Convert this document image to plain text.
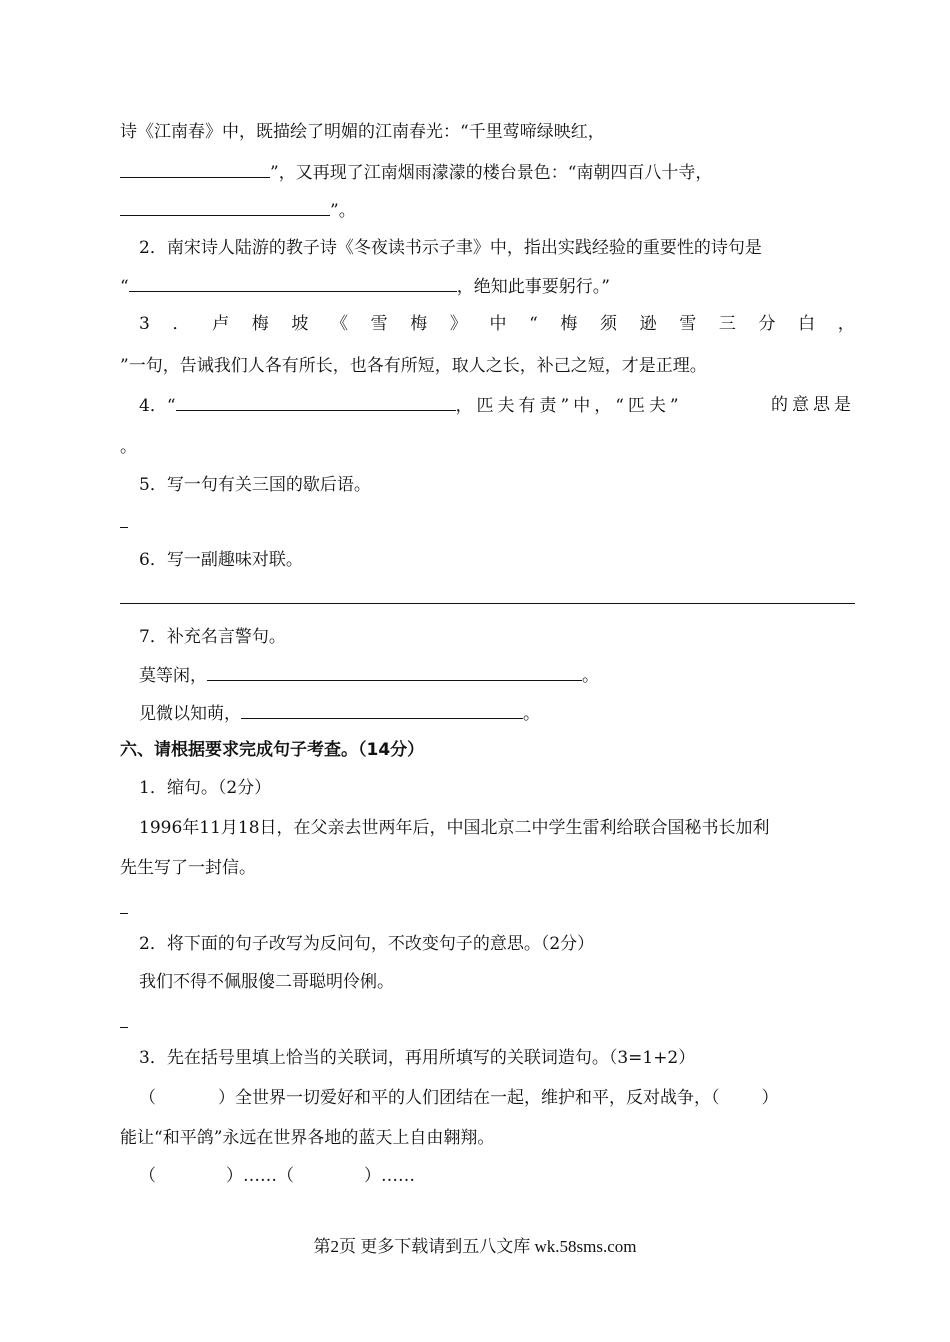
诗《江南春》中，既描绘了明媚的江南春光：“千里莺啼绿映红，
”，又再现了江南烟雨濛濛的楼台景色：“南朝四百八十寺，
”。
2．南宋诗人陆游的教子诗《冬夜读书示子聿》中，指出实践经验的重要性的诗句是
“	，绝知此事要躬行。”
3 ． 卢 梅 坡 《 雪 梅 》 中 “ 梅 须 逊 雪 三 分 白 ，
”一句，告诫我们人各有所长，也各有所短，取人之长，补己之短，才是正理。
4．“	，匹夫有责”中，“匹夫”	的意思是
。
5．写一句有关三国的歇后语。
6．写一副趣味对联。
7．补充名言警句。
莫等闲，	。
见微以知萌，	。
六、请根据要求完成句子考查。（14分）
1．缩句。（2分）
1996年11月18日，在父亲去世两年后，中国北京二中学生雷利给联合国秘书长加利
先生写了一封信。
2．将下面的句子改写为反问句，不改变句子的意思。（2分）
我们不得不佩服傻二哥聪明伶俐。
3．先在括号里填上恰当的关联词，再用所填写的关联词造句。（3=1+2）
（	）全世界一切爱好和平的人们团结在一起，维护和平，反对战争，（ ）
能让“和平鸽”永远在世界各地的蓝天上自由翱翔。
（	）……（	）……
第2页 更多下载请到五八文库 wk.58sms.com
